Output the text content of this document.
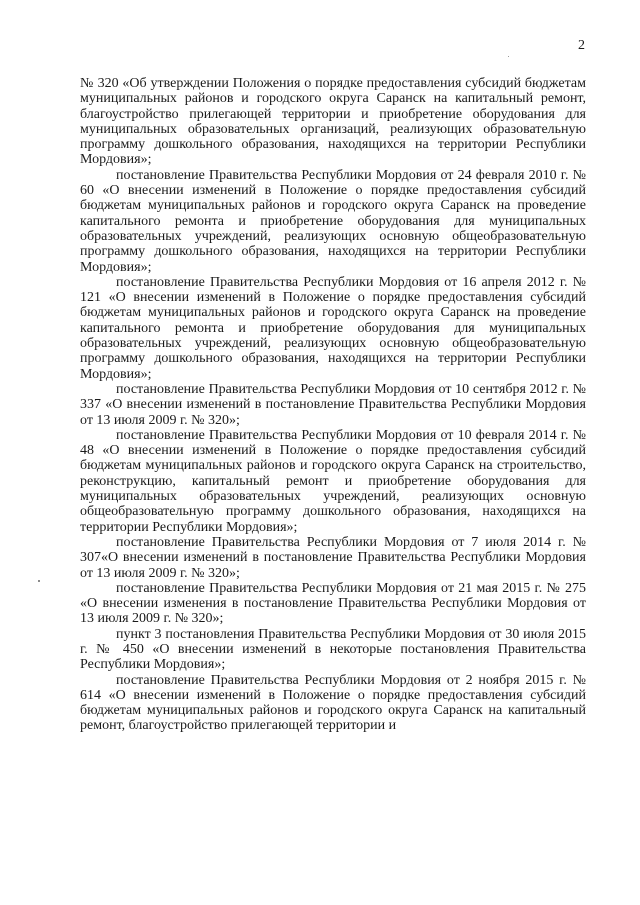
2

№ 320 «Об утверждении Положения о порядке предоставления субсидий бюджетам муниципальных районов и городского округа Саранск на капитальный ремонт, благоустройство прилегающей территории и приобретение оборудования для муниципальных образовательных организаций, реализующих образовательную программу дошкольного образования, находящихся на территории Республики Мордовия»;

постановление Правительства Республики Мордовия от 24 февраля 2010 г. № 60 «О внесении изменений в Положение о порядке предоставления субсидий бюджетам муниципальных районов и городского округа Саранск на проведение капитального ремонта и приобретение оборудования для муниципальных образовательных учреждений, реализующих основную общеобразовательную программу дошкольного образования, находящихся на территории Республики Мордовия»;

постановление Правительства Республики Мордовия от 16 апреля 2012 г. № 121 «О внесении изменений в Положение о порядке предоставления субсидий бюджетам муниципальных районов и городского округа Саранск на проведение капитального ремонта и приобретение оборудования для муниципальных образовательных учреждений, реализующих основную общеобразовательную программу дошкольного образования, находящихся на территории Республики Мордовия»;

постановление Правительства Республики Мордовия от 10 сентября 2012 г. № 337 «О внесении изменений в постановление Правительства Республики Мордовия от 13 июля 2009 г. № 320»;

постановление Правительства Республики Мордовия от 10 февраля 2014 г. № 48 «О внесении изменений в Положение о порядке предоставления субсидий бюджетам муниципальных районов и городского округа Саранск на строительство, реконструкцию, капитальный ремонт и приобретение оборудования для муниципальных образовательных учреждений, реализующих основную общеобразовательную программу дошкольного образования, находящихся на территории Республики Мордовия»;

постановление Правительства Республики Мордовия от 7 июля 2014 г. № 307«О внесении изменений в постановление Правительства Республики Мордовия от 13 июля 2009 г. № 320»;

постановление Правительства Республики Мордовия от 21 мая 2015 г. № 275 «О внесении изменения в постановление Правительства Республики Мордовия от 13 июля 2009 г. № 320»;

пункт 3 постановления Правительства Республики Мордовия от 30 июля 2015 г. № 450 «О внесении изменений в некоторые постановления Правительства Республики Мордовия»;

постановление Правительства Республики Мордовия от 2 ноября 2015 г. № 614 «О внесении изменений в Положение о порядке предоставления субсидий бюджетам муниципальных районов и городского округа Саранск на капитальный ремонт, благоустройство прилегающей территории и
